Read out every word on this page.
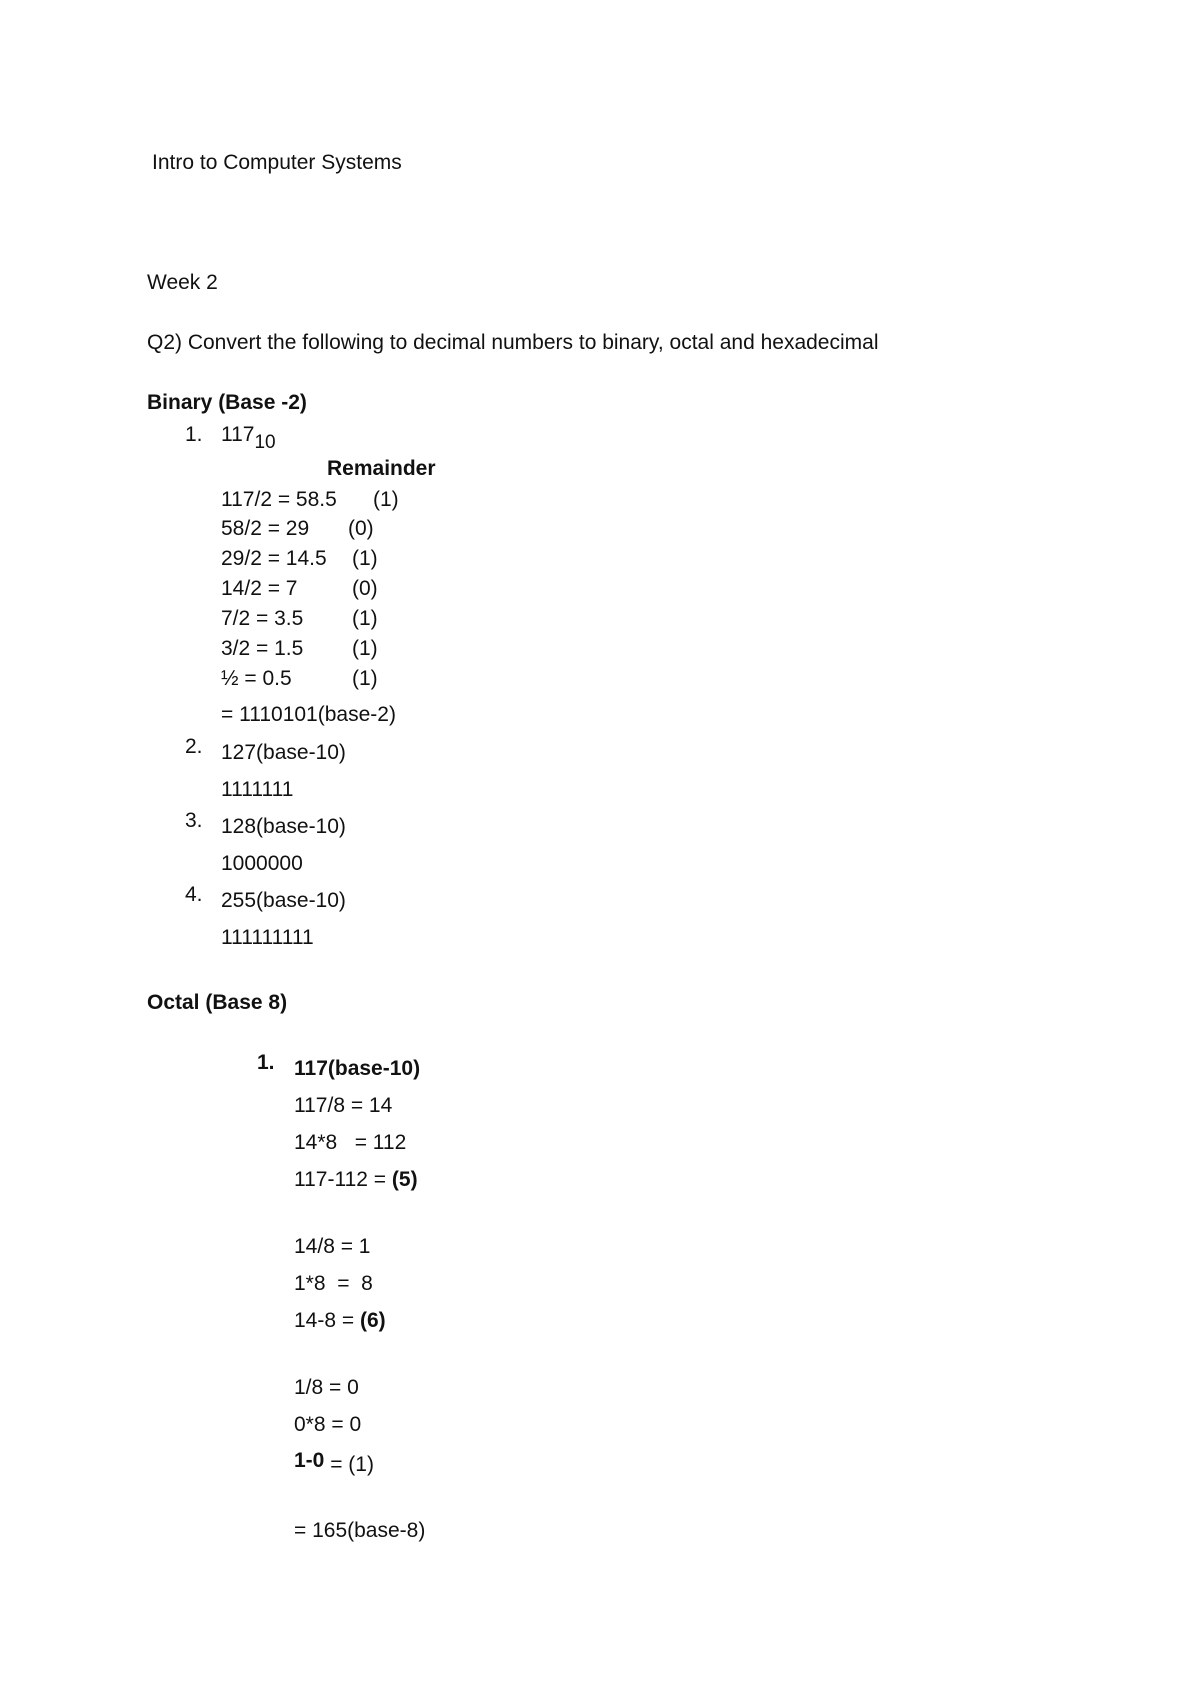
Intro to Computer Systems
Week 2
Q2) Convert the following to decimal numbers to binary, octal and hexadecimal
Binary (Base -2)
1. 11710
Remainder
117/2 = 58.5 (1)
58/2 = 29 (0)
29/2 = 14.5 (1)
14/2 = 7	(0)
7/2 = 3.5 (1)
3/2 = 1.5 (1)
½ = 0.5	(1)
= 1110101(base-2)
2. 127(base-10)
1111111
3. 128(base-10)
1000000
4. 255(base-10)
111111111
Octal (Base 8)
1. 117(base-10)
117/8 = 14
14*8   = 112
117-112 = (5)
14/8 = 1
1*8  =  8
14-8 = (6)
1/8 = 0
0*8 = 0
1-0 = (1)
= 165(base-8)
